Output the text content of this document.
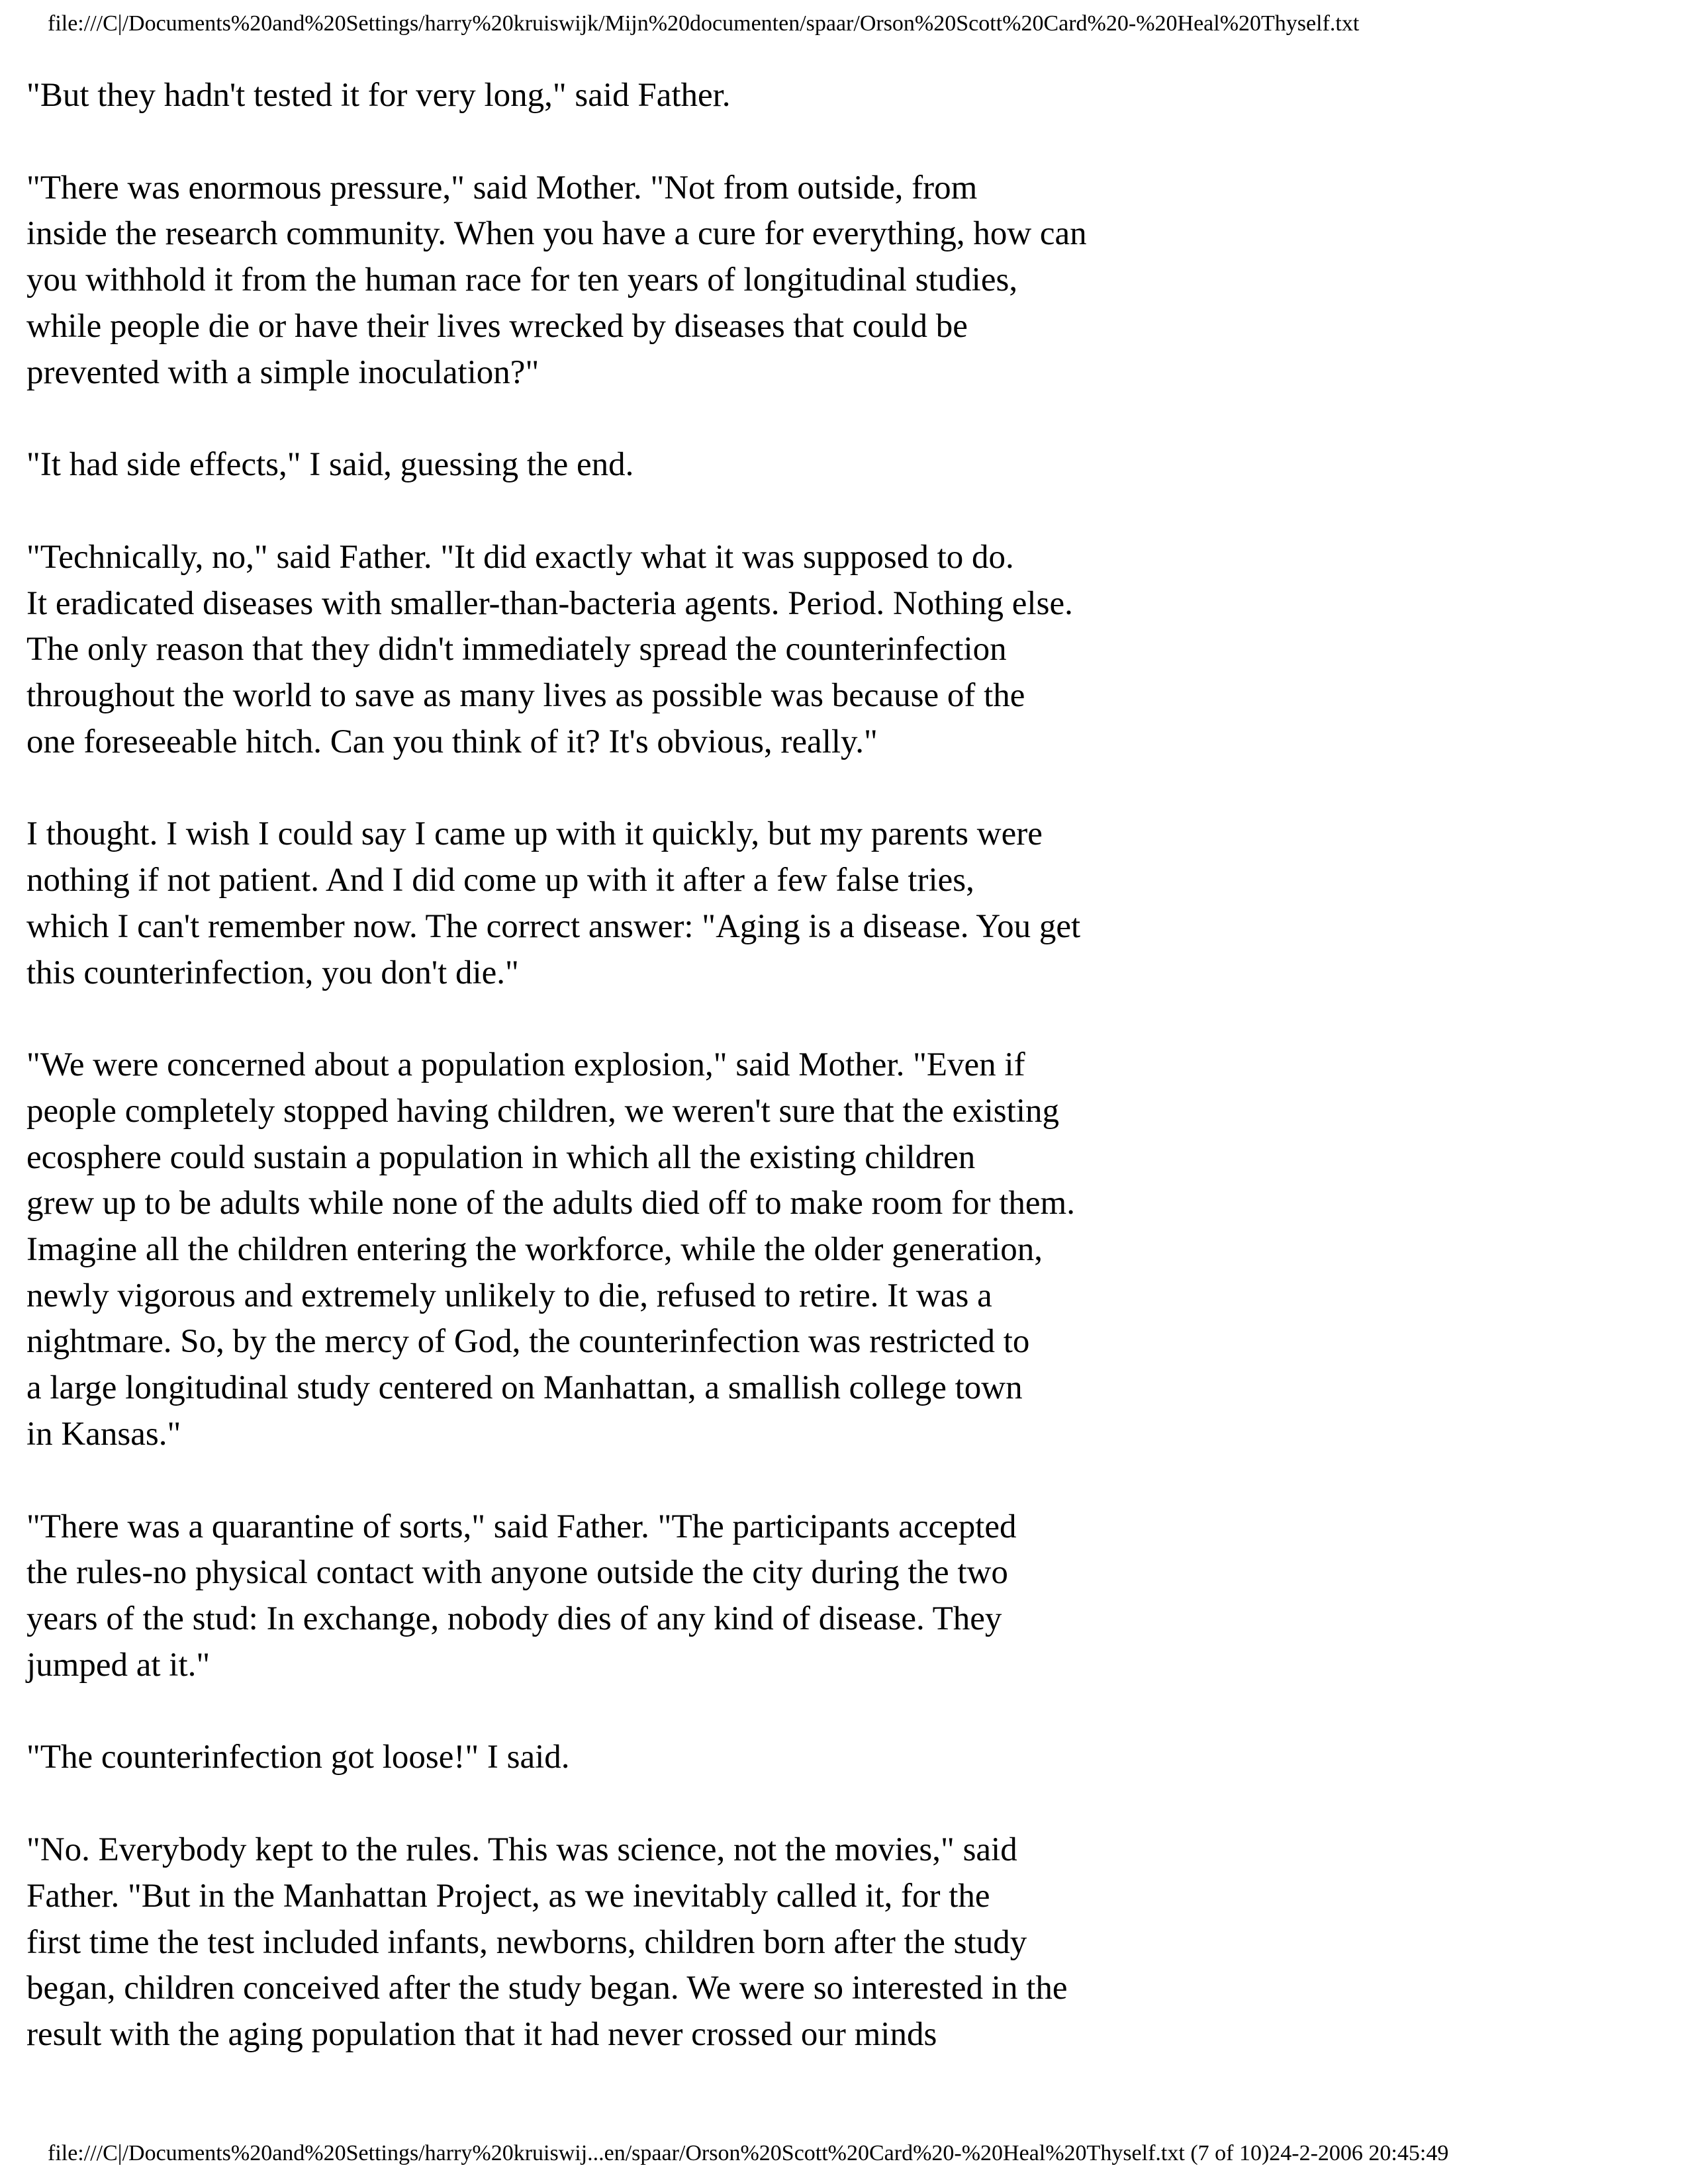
file:///C|/Documents%20and%20Settings/harry%20kruiswijk/Mijn%20documenten/spaar/Orson%20Scott%20Card%20-%20Heal%20Thyself.txt
"But they hadn't tested it for very long," said Father.
"There was enormous pressure," said Mother. "Not from outside, from
inside the research community. When you have a cure for everything, how can
you withhold it from the human race for ten years of longitudinal studies,
while people die or have their lives wrecked by diseases that could be
prevented with a simple inoculation?"
"It had side effects," I said, guessing the end.
"Technically, no," said Father. "It did exactly what it was supposed to do.
It eradicated diseases with smaller-than-bacteria agents. Period. Nothing else.
The only reason that they didn't immediately spread the counterinfection
throughout the world to save as many lives as possible was because of the
one foreseeable hitch. Can you think of it? It's obvious, really."
I thought. I wish I could say I came up with it quickly, but my parents were
nothing if not patient. And I did come up with it after a few false tries,
which I can't remember now. The correct answer: "Aging is a disease. You get
this counterinfection, you don't die."
"We were concerned about a population explosion," said Mother. "Even if
people completely stopped having children, we weren't sure that the existing
ecosphere could sustain a population in which all the existing children
grew up to be adults while none of the adults died off to make room for them.
Imagine all the children entering the workforce, while the older generation,
newly vigorous and extremely unlikely to die, refused to retire. It was a
nightmare. So, by the mercy of God, the counterinfection was restricted to
a large longitudinal study centered on Manhattan, a smallish college town
in Kansas."
"There was a quarantine of sorts," said Father. "The participants accepted
the rules-no physical contact with anyone outside the city during the two
years of the stud: In exchange, nobody dies of any kind of disease. They
jumped at it."
"The counterinfection got loose!" I said.
"No. Everybody kept to the rules. This was science, not the movies," said
Father. "But in the Manhattan Project, as we inevitably called it, for the
first time the test included infants, newborns, children born after the study
began, children conceived after the study began. We were so interested in the
result with the aging population that it had never crossed our minds
file:///C|/Documents%20and%20Settings/harry%20kruiswij...en/spaar/Orson%20Scott%20Card%20-%20Heal%20Thyself.txt (7 of 10)24-2-2006 20:45:49
